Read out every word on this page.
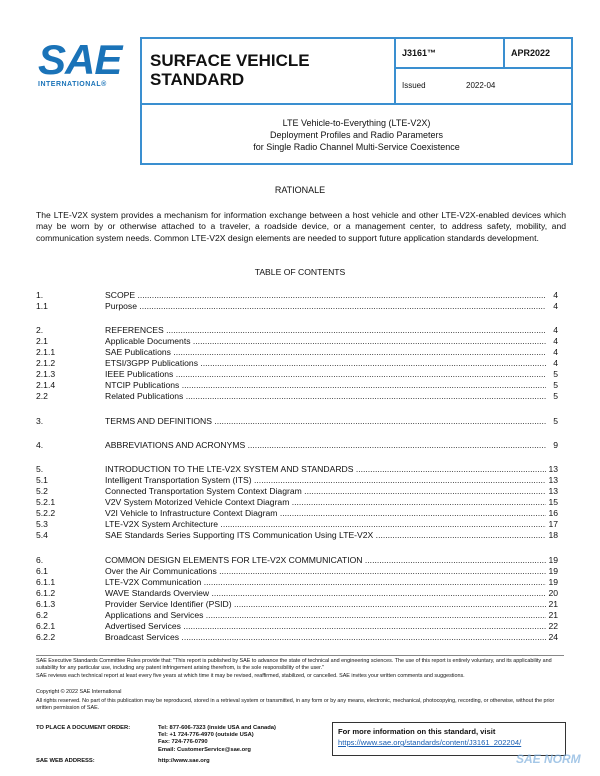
SAE
INTERNATIONAL®
SURFACE VEHICLE
STANDARD
J3161™	APR2022
Issued	2022-04
LTE Vehicle-to-Everything (LTE-V2X)
Deployment Profiles and Radio Parameters
for Single Radio Channel Multi-Service Coexistence
RATIONALE
The LTE-V2X system provides a mechanism for information exchange between a host vehicle and other LTE-V2X-enabled devices which may be worn by or otherwise attached to a traveler, a roadside device, or a management center, to address safety, mobility, and communication system needs. Common LTE-V2X design elements are needed to support future application standards development.
TABLE OF CONTENTS
1.	SCOPE .....	4
1.1	Purpose .....	4
2.	REFERENCES .....	4
2.1	Applicable Documents .....	4
2.1.1	SAE Publications .....	4
2.1.2	ETSI/3GPP Publications .....	4
2.1.3	IEEE Publications .....	5
2.1.4	NTCIP Publications .....	5
2.2	Related Publications .....	5
3.	TERMS AND DEFINITIONS .....	5
4.	ABBREVIATIONS AND ACRONYMS .....	9
5.	INTRODUCTION TO THE LTE-V2X SYSTEM AND STANDARDS .....	13
5.1	Intelligent Transportation System (ITS) .....	13
5.2	Connected Transportation System Context Diagram .....	13
5.2.1	V2V System Motorized Vehicle Context Diagram .....	15
5.2.2	V2I Vehicle to Infrastructure Context Diagram .....	16
5.3	LTE-V2X System Architecture .....	17
5.4	SAE Standards Series Supporting ITS Communication Using LTE-V2X .....	18
6.	COMMON DESIGN ELEMENTS FOR LTE-V2X COMMUNICATION .....	19
6.1	Over the Air Communications .....	19
6.1.1	LTE-V2X Communication .....	19
6.1.2	WAVE Standards Overview .....	20
6.1.3	Provider Service Identifier (PSID) .....	21
6.2	Applications and Services .....	21
6.2.1	Advertised Services .....	22
6.2.2	Broadcast Services .....	24
SAE Executive Standards Committee Rules provide that: "This report is published by SAE to advance the state of technical and engineering sciences. The use of this report is entirely voluntary, and its applicability and suitability for any particular use, including any patent infringement arising therefrom, is the sole responsibility of the user."
SAE reviews each technical report at least every five years at which time it may be revised, reaffirmed, stabilized, or cancelled. SAE invites your written comments and suggestions.
Copyright © 2022 SAE International
All rights reserved. No part of this publication may be reproduced, stored in a retrieval system or transmitted, in any form or by any means, electronic, mechanical, photocopying, recording, or otherwise, without the prior written permission of SAE.
TO PLACE A DOCUMENT ORDER:	Tel: 877-606-7323 (inside USA and Canada)
Tel: +1 724-776-4970 (outside USA)
Fax: 724-776-0790
Email: CustomerService@sae.org
SAE WEB ADDRESS:	http://www.sae.org
For more information on this standard, visit
https://www.sae.org/standards/content/J3161_202204/
SAE NORM
